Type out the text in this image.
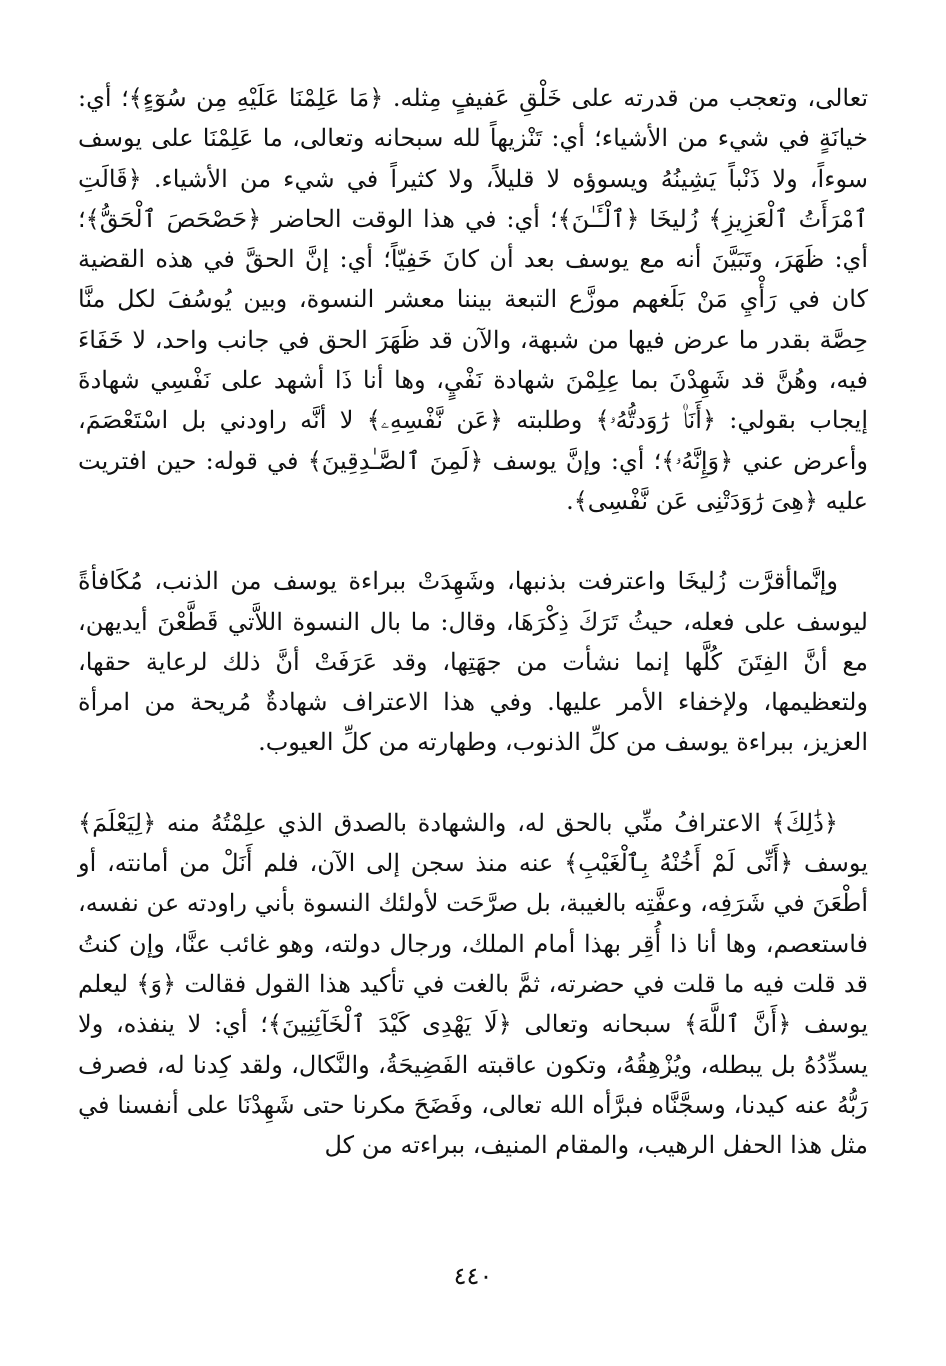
تعالى، وتعجب من قدرته على خَلْقِ عَفيفٍ مِثله. ﴿مَا عَلِمْنَا عَلَيْهِ مِن سُوٓءٍ﴾؛ أي: خيانَةٍ في شيء من الأشياء؛ أي: تَنْزيهاً لله سبحانه وتعالى، ما عَلِمْنَا على يوسف سوءاً، ولا ذَنْباً يَشِينُهُ ويسوؤه لا قليلاً، ولا كثيراً في شيء من الأشياء. ﴿قَالَتِ ٱمْرَأَتُ ٱلْعَزِيزِ﴾ زُليخَا ﴿ٱلْـَٔـٰنَ﴾؛ أي: في هذا الوقت الحاضر ﴿حَصْحَصَ ٱلْحَقُّ﴾؛ أي: ظَهَرَ، وتَبَيَّنَ أنه مع يوسف بعد أن كانَ خَفِيّاً؛ أي: إنَّ الحقَّ في هذه القضية كان في رَأْيِ مَنْ بَلَغهم موزَّع التبعة بيننا معشر النسوة، وبين يُوسُفَ لكل منَّا حِصَّة بقدر ما عرض فيها من شبهة، والآن قد ظَهَرَ الحق في جانب واحد، لا خَفَاءَ فيه، وهُنَّ قد شَهِدْنَ بما عِلِمْنَ شهادة نَفْيٍ، وها أنا ذَا أشهد على نَفْسِي شهادةَ إيجاب بقولي: ﴿أَنَا۠ رَٰوَدتُّهُۥ﴾ وطلبته ﴿عَن نَّفْسِهِۦ﴾ لا أنَّه راودني بل اسْتَعْصَمَ، وأعرض عني ﴿وَإِنَّهُۥ﴾؛ أي: وإنَّ يوسف ﴿لَمِنَ ٱلصَّـٰدِقِينَ﴾ في قوله: حين افتريت عليه ﴿هِىَ رَٰوَدَتْنِى عَن نَّفْسِى﴾.

وإنَّماأقرَّت زُليخَا واعترفت بذنبها، وشَهِدَتْ ببراءة يوسف من الذنب، مُكَافأةً ليوسف على فعله، حيثُ تَرَكَ ذِكْرَهَا، وقال: ما بال النسوة اللاَّتي قَطَّعْنَ أيديهن، مع أنَّ الفِتَنَ كُلَّها إنما نشأت من جهَتِها، وقد عَرَفَتْ أنَّ ذلك لرعاية حقها، ولتعظيمها، ولإخفاء الأمر عليها. وفي هذا الاعتراف شهادةٌ مُريحة من امرأة العزيز، ببراءة يوسف من كلِّ الذنوب، وطهارته من كلِّ العيوب.

﴿ذَٰلِكَ﴾ الاعترافُ منِّي بالحق له، والشهادة بالصدق الذي علِمْتُهُ منه ﴿لِيَعْلَمَ﴾ يوسف ﴿أَنِّى لَمْ أَخُنْهُ بِٱلْغَيْبِ﴾ عنه منذ سجن إلى الآن، فلم أَنَلْ من أمانته، أو أطْعَنَ في شَرَفِه، وعفَّتِه بالغيبة، بل صرَّحَت لأولئك النسوة بأني راودته عن نفسه، فاستعصم، وها أنا ذا أُقِر بهذا أمام الملك، ورجال دولته، وهو غائب عنَّا، وإن كنتُ قد قلت فيه ما قلت في حضرته، ثمَّ بالغت في تأكيد هذا القول فقالت ﴿وَ﴾ ليعلم يوسف ﴿أَنَّ ٱللَّهَ﴾ سبحانه وتعالى ﴿لَا يَهْدِى كَيْدَ ٱلْخَآئِنِينَ﴾؛ أي: لا ينفذه، ولا يسدِّدُهُ بل يبطله، ويُزْهِقُهُ، وتكون عاقبته الفَضِيحَةُ، والنَّكال، ولقد كِدنا له، فصرف رَبُّهُ عنه كيدنا، وسجَّنَّاه فبرَّأه الله تعالى، وفَضَحَ مكرنا حتى شَهِدْنَا على أنفسنا في مثل هذا الحفل الرهيب، والمقام المنيف، ببراءته من كل

٤٤٠
